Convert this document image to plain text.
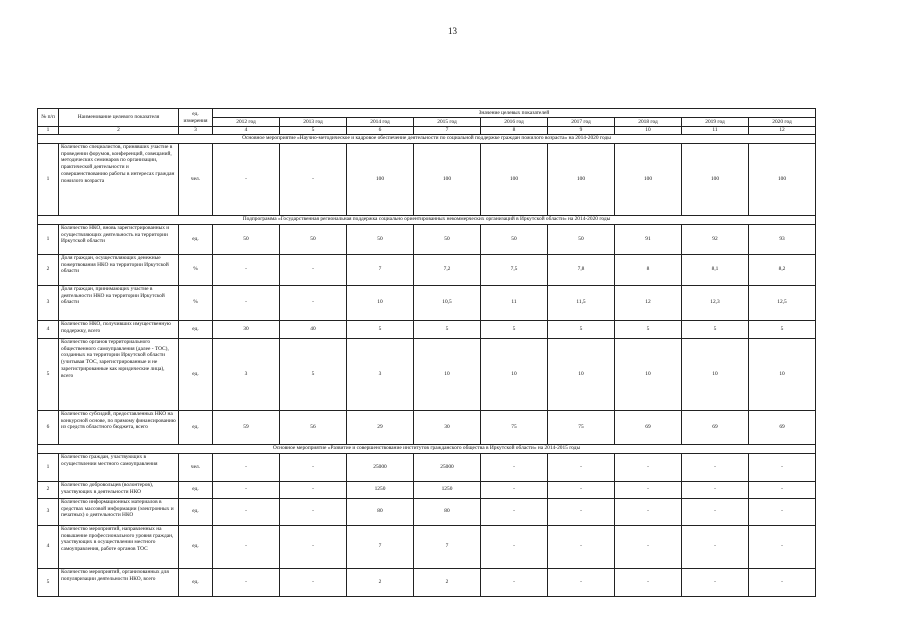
13
№ п/п	Наименование целевого показателя	ед. измерения	Значение целевых показателей								
			2012 год	2013 год	2014 год	2015 год	2016 год	2017 год	2018 год	2019 год	2020 год
1	2	3	4	5	6	7	8	9	10	11	12
Основное мероприятие «Научно-методическое и кадровое обеспечение деятельности по социальной поддержке граждан пожилого возраста» на 2014-2020 годы											
1	Количество специалистов, принявших участие в проведении форумов, конференций, совещаний, методических семинаров по организации, практической деятельности и совершенствованию работы в интересах граждан пожилого возраста	чел.	-	-	100	100	100	100	100	100	100
Подпрограмма «Государственная региональная поддержка социально ориентированных некоммерческих организаций в Иркутской области» на 2014-2020 годы											
1	Количество НКО, вновь зарегистрированных и осуществляющих деятельность на территории Иркутской области	ед.	50	50	50	50	50	50	91	92	93
2	Доля граждан, осуществляющих денежные пожертвования НКО на территории Иркутской области	%	-	-	7	7,2	7,5	7,8	8	8,1	8,2
3	Доля граждан, принимающих участие в деятельности НКО на территории Иркутской области	%	-	-	10	10,5	11	11,5	12	12,3	12,5
4	Количество НКО, получивших имущественную поддержку, всего	ед.	30	40	5	5	5	5	5	5	5
5	Количество органов территориального общественного самоуправления (далее - ТОС), созданных на территории Иркутской области (учитывая ТОС, зарегистрированные и не зарегистрированные как юридические лица), всего	ед.	3	5	3	10	10	10	10	10	10
6	Количество субсидий, предоставленных НКО на конкурсной основе, по прямому финансированию из средств областного бюджета, всего	ед.	59	56	29	30	75	75	69	69	69
Основное мероприятие «Развитие и совершенствование институтов гражданского общества в Иркутской области» на 2014-2015 годы											
1	Количество граждан, участвующих в осуществлении местного самоуправления	чел.	-	-	25000	25000	-	-	-	-	-
2	Количество добровольцев (волонтеров), участвующих в деятельности НКО	ед.	-	-	1250	1250	-	-	-	-	-
3	Количество информационных материалов в средствах массовой информации (электронных и печатных) о деятельности НКО	ед.	-	-	80	80	-	-	-	-	-
4	Количество мероприятий, направленных на повышение профессионального уровня граждан, участвующих в осуществлении местного самоуправления, работе органов ТОС	ед.	-	-	7	7	-	-	-	-	-
5	Количество мероприятий, организованных для популяризации деятельности НКО, всего	ед.	-	-	2	2	-	-	-	-	-
